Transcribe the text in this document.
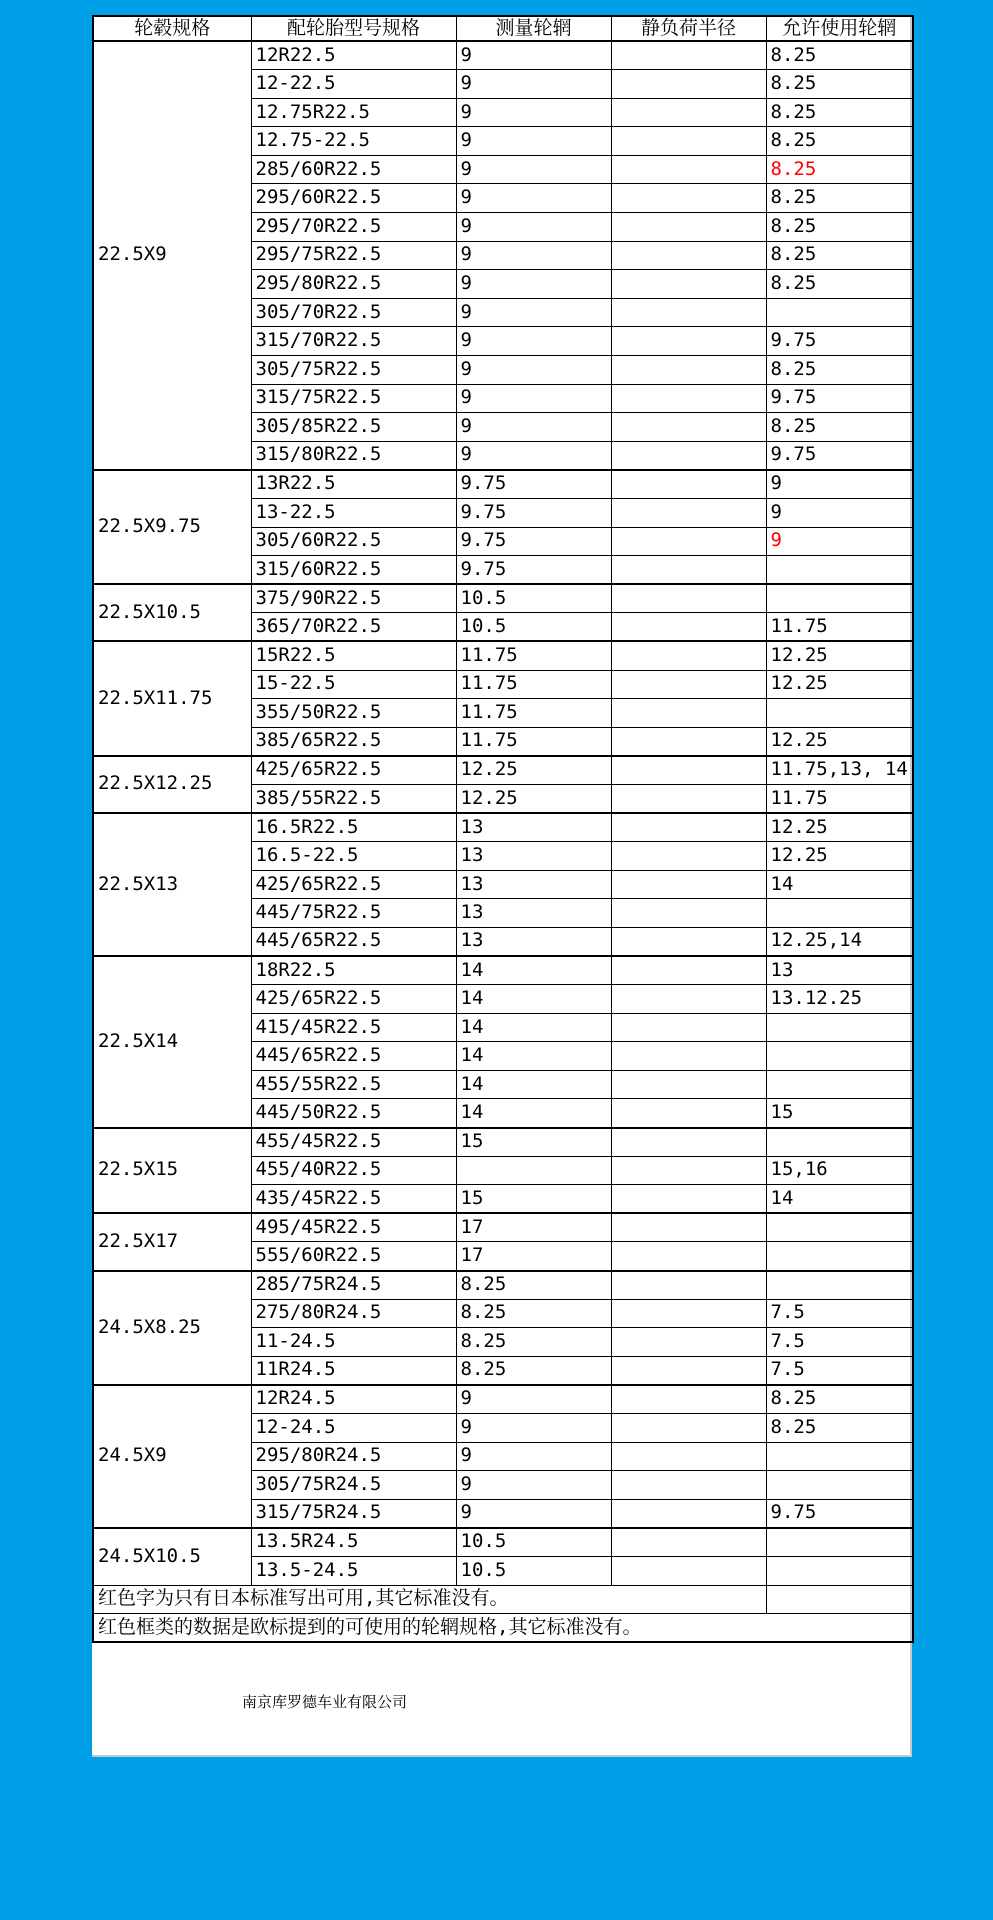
轮毂规格	配轮胎型号规格	测量轮辋	静负荷半径	允许使用轮辋
22.5X9	12R22.5	9		8.25
	12-22.5	9		8.25
	12.75R22.5	9		8.25
	12.75-22.5	9		8.25
	285/60R22.5	9		8.25
	295/60R22.5	9		8.25
	295/70R22.5	9		8.25
	295/75R22.5	9		8.25
	295/80R22.5	9		8.25
	305/70R22.5	9		
	315/70R22.5	9		9.75
	305/75R22.5	9		8.25
	315/75R22.5	9		9.75
	305/85R22.5	9		8.25
	315/80R22.5	9		9.75
22.5X9.75	13R22.5	9.75		9
	13-22.5	9.75		9
	305/60R22.5	9.75		9
	315/60R22.5	9.75		
22.5X10.5	375/90R22.5	10.5		
	365/70R22.5	10.5		11.75
22.5X11.75	15R22.5	11.75		12.25
	15-22.5	11.75		12.25
	355/50R22.5	11.75		
	385/65R22.5	11.75		12.25
22.5X12.25	425/65R22.5	12.25		11.75,13, 14
	385/55R22.5	12.25		11.75
22.5X13	16.5R22.5	13		12.25
	16.5-22.5	13		12.25
	425/65R22.5	13		14
	445/75R22.5	13		
	445/65R22.5	13		12.25,14
22.5X14	18R22.5	14		13
	425/65R22.5	14		13.12.25
	415/45R22.5	14		
	445/65R22.5	14		
	455/55R22.5	14		
	445/50R22.5	14		15
22.5X15	455/45R22.5	15		
	455/40R22.5			15,16
	435/45R22.5	15		14
22.5X17	495/45R22.5	17		
	555/60R22.5	17		
24.5X8.25	285/75R24.5	8.25		
	275/80R24.5	8.25		7.5
	11-24.5	8.25		7.5
	11R24.5	8.25		7.5
24.5X9	12R24.5	9		8.25
	12-24.5	9		8.25
	295/80R24.5	9		
	305/75R24.5	9		
	315/75R24.5	9		9.75
24.5X10.5	13.5R24.5	10.5		
	13.5-24.5	10.5		
红色字为只有日本标准写出可用,其它标准没有。				
红色框类的数据是欧标提到的可使用的轮辋规格,其它标准没有。				
南京库罗德车业有限公司
